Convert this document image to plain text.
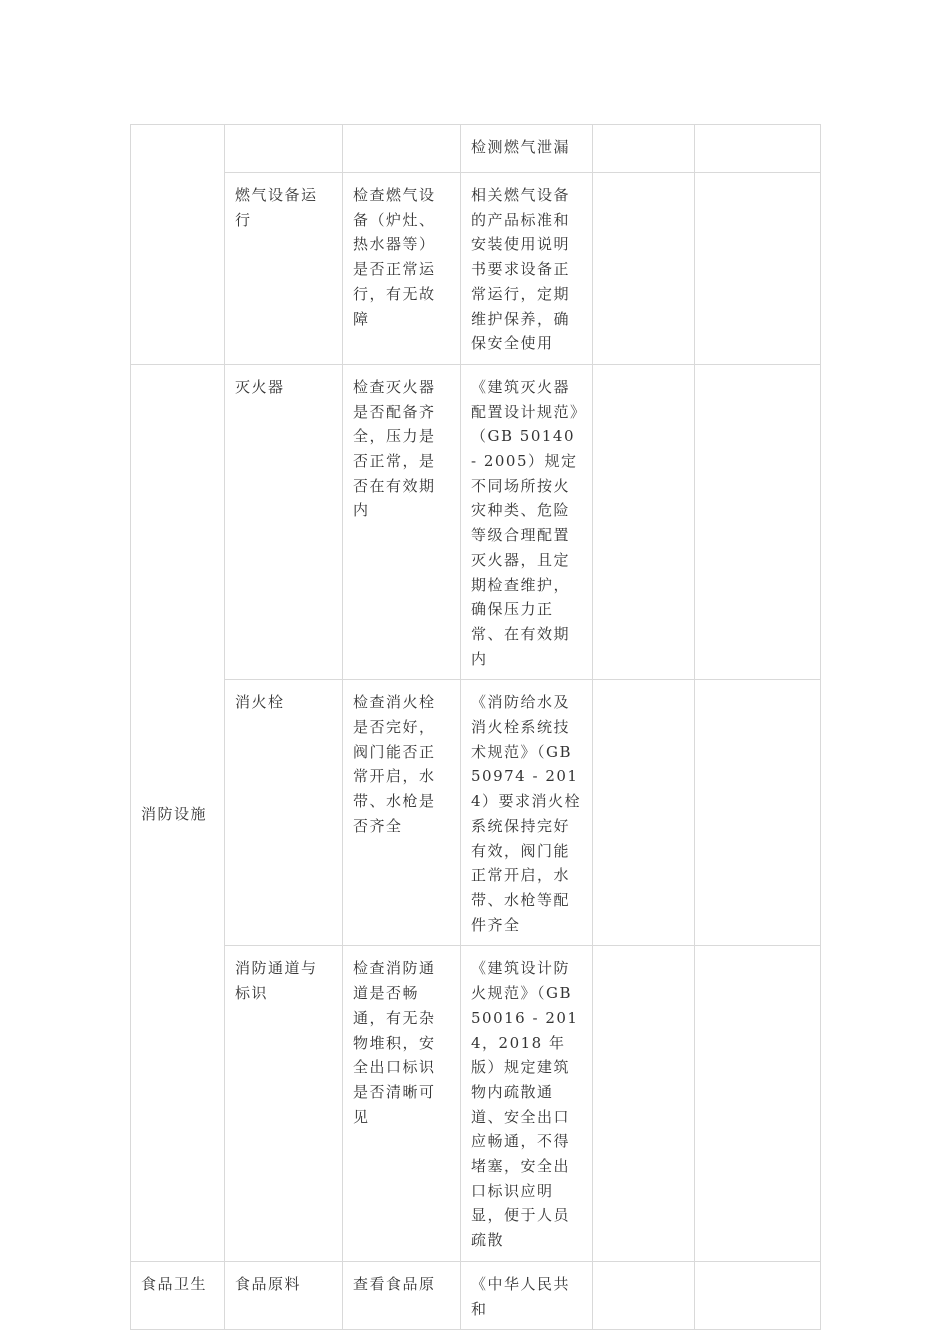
			检测燃气泄漏		
	燃气设备运行	检查燃气设备（炉灶、热水器等）是否正常运行，有无故障	相关燃气设备的产品标准和安装使用说明书要求设备正常运行，定期维护保养，确保安全使用		
消防设施	灭火器	检查灭火器是否配备齐全，压力是否正常，是否在有效期内	《建筑灭火器配置设计规范》（GB 50140 - 2005）规定不同场所按火灾种类、危险等级合理配置灭火器，且定期检查维护，确保压力正常、在有效期内		
	消火栓	检查消火栓是否完好，阀门能否正常开启，水带、水枪是否齐全	《消防给水及消火栓系统技术规范》（GB 50974 - 2014）要求消火栓系统保持完好有效，阀门能正常开启，水带、水枪等配件齐全		
	消防通道与标识	检查消防通道是否畅通，有无杂物堆积，安全出口标识是否清晰可见	《建筑设计防火规范》（GB 50016 - 2014，2018 年版）规定建筑物内疏散通道、安全出口应畅通，不得堵塞，安全出口标识应明显，便于人员疏散		
食品卫生	食品原料	查看食品原	《中华人民共和		
